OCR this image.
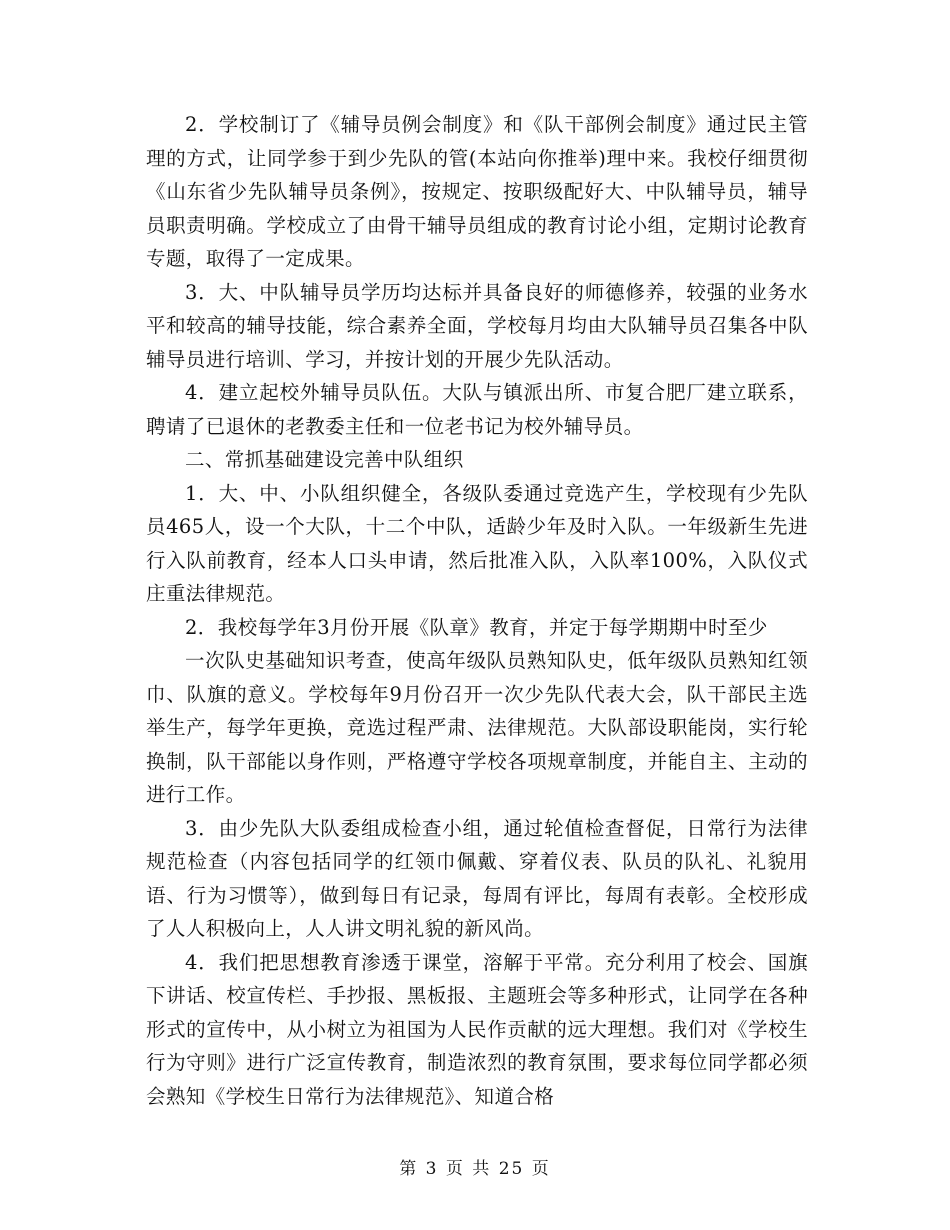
2．学校制订了《辅导员例会制度》和《队干部例会制度》通过民主管理的方式，让同学参于到少先队的管(本站向你推举)理中来。我校仔细贯彻《山东省少先队辅导员条例》，按规定、按职级配好大、中队辅导员，辅导员职责明确。学校成立了由骨干辅导员组成的教育讨论小组，定期讨论教育专题，取得了一定成果。

3．大、中队辅导员学历均达标并具备良好的师德修养，较强的业务水平和较高的辅导技能，综合素养全面，学校每月均由大队辅导员召集各中队辅导员进行培训、学习，并按计划的开展少先队活动。

4．建立起校外辅导员队伍。大队与镇派出所、市复合肥厂建立联系，聘请了已退休的老教委主任和一位老书记为校外辅导员。

二、常抓基础建设完善中队组织

1．大、中、小队组织健全，各级队委通过竞选产生，学校现有少先队员465人，设一个大队，十二个中队，适龄少年及时入队。一年级新生先进行入队前教育，经本人口头申请，然后批准入队，入队率100%，入队仪式庄重法律规范。

2．我校每学年3月份开展《队章》教育，并定于每学期期中时至少

一次队史基础知识考查，使高年级队员熟知队史，低年级队员熟知红领巾、队旗的意义。学校每年9月份召开一次少先队代表大会，队干部民主选举生产，每学年更换，竞选过程严肃、法律规范。大队部设职能岗，实行轮换制，队干部能以身作则，严格遵守学校各项规章制度，并能自主、主动的进行工作。

3．由少先队大队委组成检查小组，通过轮值检查督促，日常行为法律规范检查（内容包括同学的红领巾佩戴、穿着仪表、队员的队礼、礼貌用语、行为习惯等），做到每日有记录，每周有评比，每周有表彰。全校形成了人人积极向上，人人讲文明礼貌的新风尚。

4．我们把思想教育渗透于课堂，溶解于平常。充分利用了校会、国旗下讲话、校宣传栏、手抄报、黑板报、主题班会等多种形式，让同学在各种形式的宣传中，从小树立为祖国为人民作贡献的远大理想。我们对《学校生行为守则》进行广泛宣传教育，制造浓烈的教育氛围，要求每位同学都必须会熟知《学校生日常行为法律规范》、知道合格

第 3 页 共 25 页
